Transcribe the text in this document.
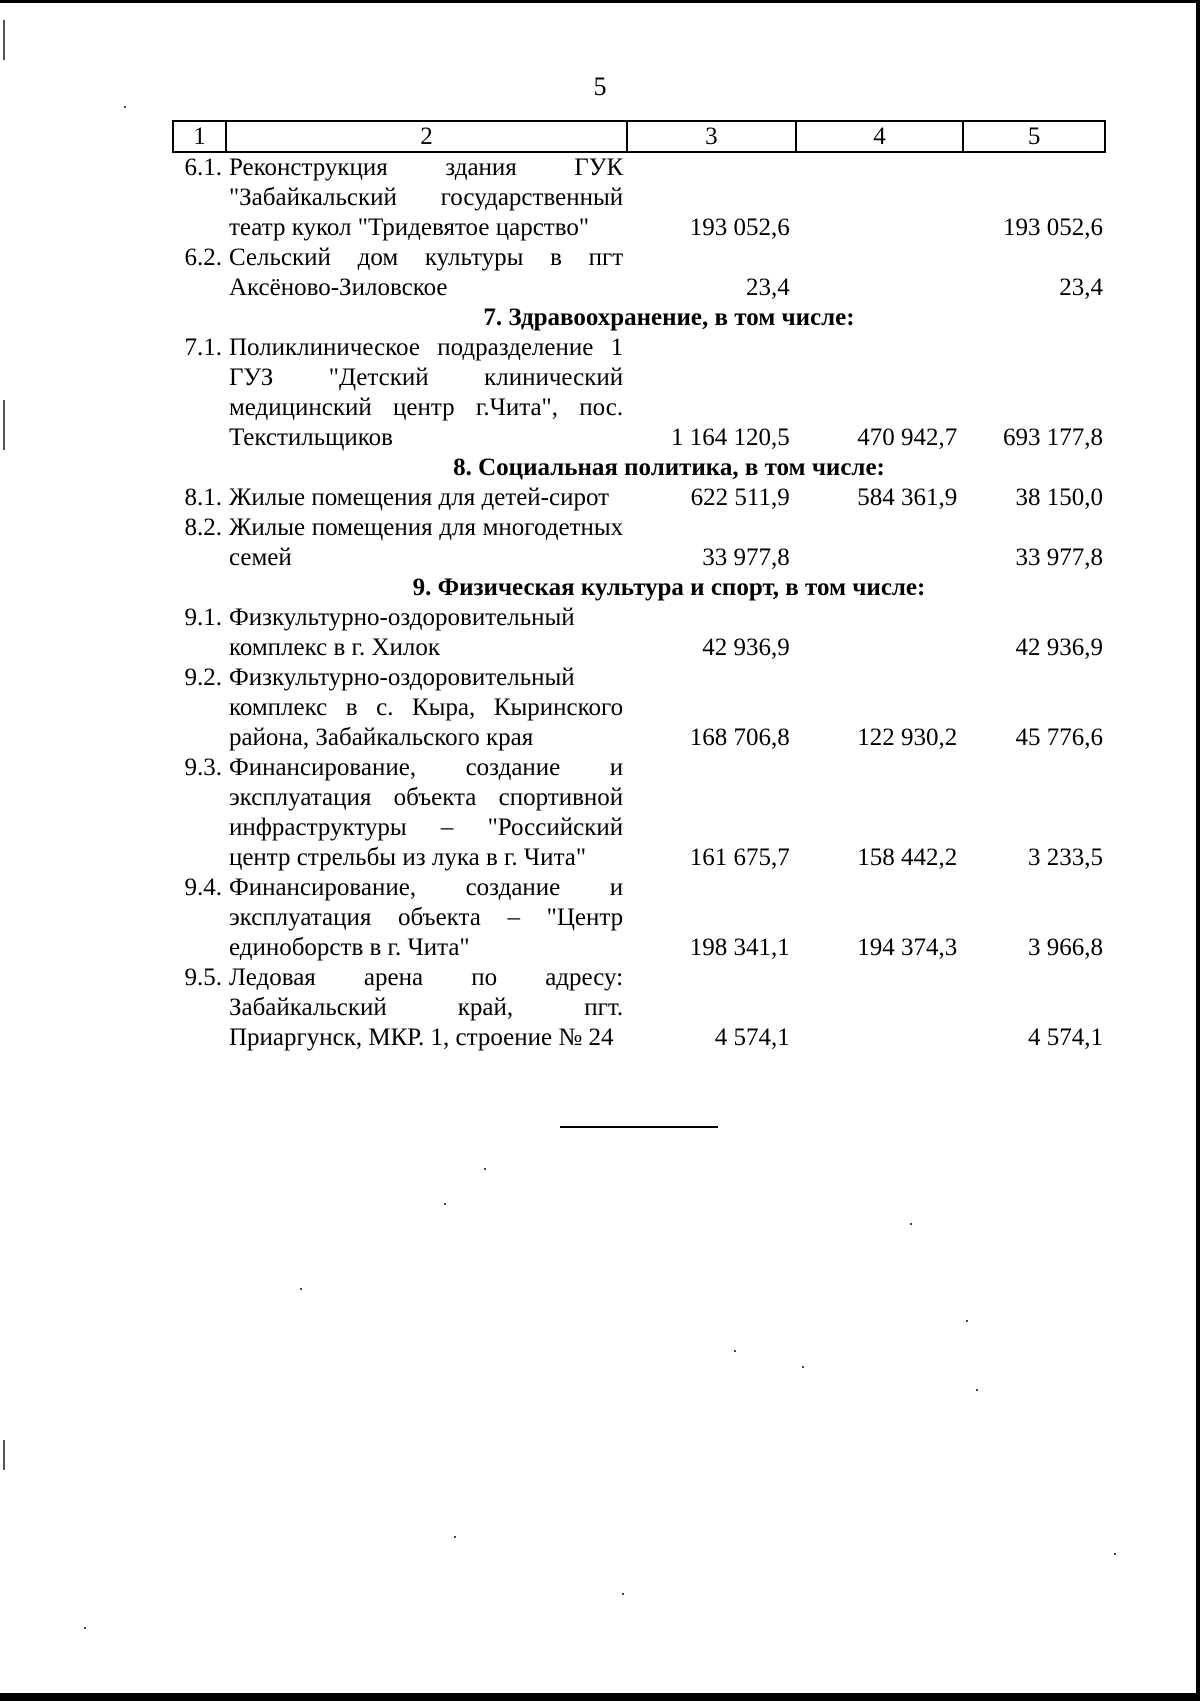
5
1	2	3	4	5
6.1.	Реконструкция здания ГУК "Забайкальский государственный театр кукол "Тридевятое царство"	193 052,6		193 052,6
6.2.	Сельский дом культуры в пгт Аксёново-Зиловское	23,4		23,4
7. Здравоохранение, в том числе:				
7.1.	Поликлиническое подразделение 1 ГУЗ "Детский клинический медицинский центр г.Чита", пос. Текстильщиков	1 164 120,5	470 942,7	693 177,8
8. Социальная политика, в том числе:				
8.1.	Жилые помещения для детей-сирот	622 511,9	584 361,9	38 150,0
8.2.	Жилые помещения для многодетных семей	33 977,8		33 977,8
9. Физическая культура и спорт, в том числе:				
9.1.	Физкультурно-оздоровительный комплекс в г. Хилок	42 936,9		42 936,9
9.2.	Физкультурно-оздоровительный комплекс в с. Кыра, Кыринского района, Забайкальского края	168 706,8	122 930,2	45 776,6
9.3.	Финансирование, создание и эксплуатация объекта спортивной инфраструктуры – "Российский центр стрельбы из лука в г. Чита"	161 675,7	158 442,2	3 233,5
9.4.	Финансирование, создание и эксплуатация объекта – "Центр единоборств в г. Чита"	198 341,1	194 374,3	3 966,8
9.5.	Ледовая арена по адресу: Забайкальский край, пгт. Приаргунск, МКР. 1, строение № 24	4 574,1		4 574,1
